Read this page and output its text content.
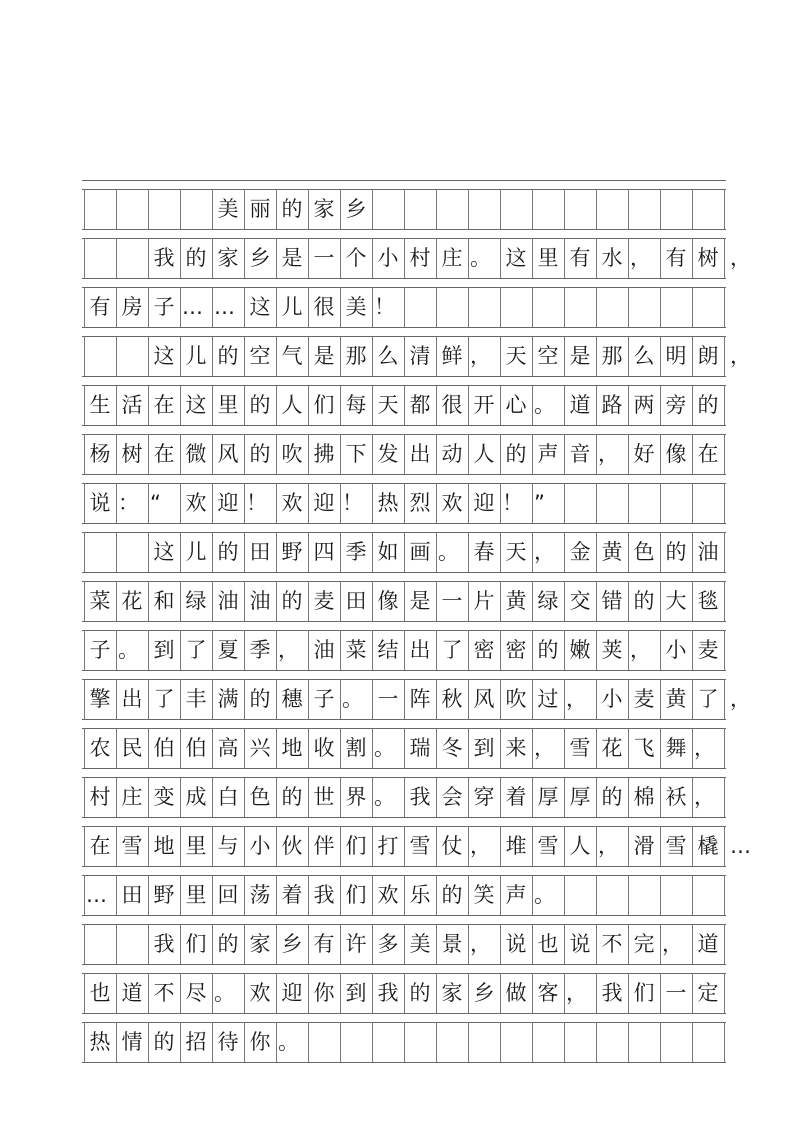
美 丽 的 家 乡
我 的 家 乡 是 一 个 小 村 庄 。 这 里 有 水 ， 有 树 ，
有 房 子 … … 这 儿 很 美 ！
这 儿 的 空 气 是 那 么 清 鲜 ， 天 空 是 那 么 明 朗 ，
生 活 在 这 里 的 人 们 每 天 都 很 开 心 。 道 路 两 旁 的
杨 树 在 微 风 的 吹 拂 下 发 出 动 人 的 声 音 ， 好 像 在
说 ： “	欢 迎 ！ 欢 迎 ！ 热 烈 欢 迎 ！ ”
这 儿 的 田 野 四 季 如 画 。 春 天 ， 金 黄 色 的 油
菜 花 和 绿 油 油 的 麦 田 像 是 一 片 黄 绿 交 错 的 大 毯
子 。 到 了 夏 季 ， 油 菜 结 出 了 密 密 的 嫩 荚 ， 小 麦
擎 出 了 丰 满 的 穗 子 。 一 阵 秋 风 吹 过 ， 小 麦 黄 了 ，
农 民 伯 伯 高 兴 地 收 割 。 瑞 冬 到 来 ， 雪 花 飞 舞 ，
村 庄 变 成 白 色 的 世 界 。 我 会 穿 着 厚 厚 的 棉 袄 ，
在 雪 地 里 与 小 伙 伴 们 打 雪 仗 ， 堆 雪 人 ， 滑 雪 橇 …
… 田 野 里 回 荡 着 我 们 欢 乐 的 笑 声 。
我 们 的 家 乡 有 许 多 美 景 ， 说 也 说 不 完 ， 道
也 道 不 尽 。 欢 迎 你 到 我 的 家 乡 做 客 ， 我 们 一 定
热 情 的 招 待 你 。
